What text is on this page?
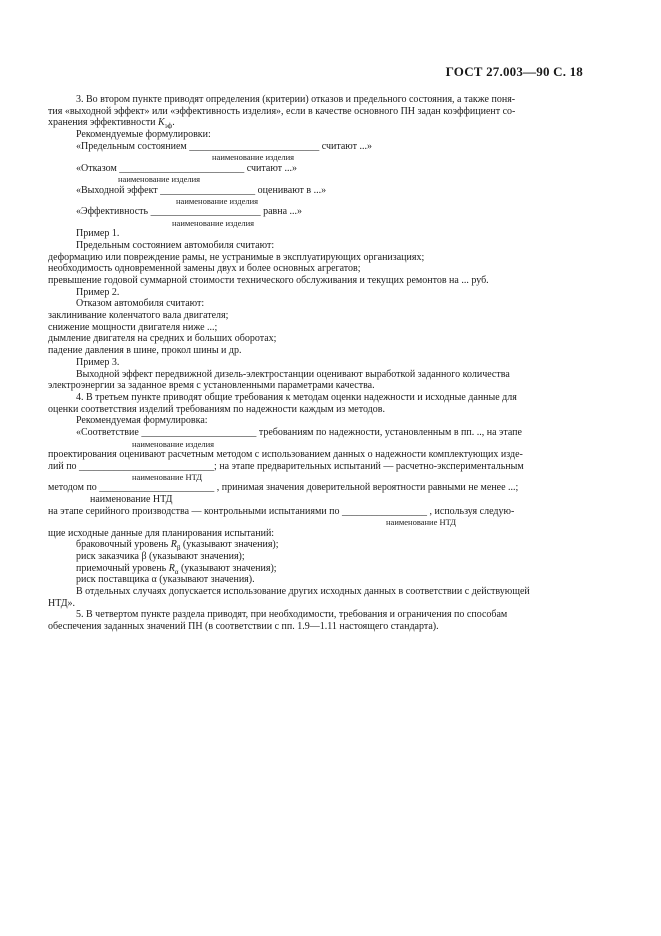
ГОСТ 27.003—90 С. 18
3. Во втором пункте приводят определения (критерии) отказов и предельного состояния, а также поня-
тия «выходной эффект» или «эффективность изделия», если в качестве основного ПН задан коэффициент со-
хранения эффективности $K_{эф}$.
Рекомендуемые формулировки:
«Предельным состоянием __________________________ считают ...»
наименование изделия
«Отказом _________________________ считают ...»
наименование изделия
«Выходной эффект ___________________ оценивают в ...»
наименование изделия
«Эффективность ______________________ равна ...»
наименование изделия
Пример 1.
Предельным состоянием автомобиля считают:
деформацию или повреждение рамы, не устранимые в эксплуатирующих организациях;
необходимость одновременной замены двух и более основных агрегатов;
превышение годовой суммарной стоимости технического обслуживания и текущих ремонтов на ... руб.
Пример 2.
Отказом автомобиля считают:
заклинивание коленчатого вала двигателя;
снижение мощности двигателя ниже ...;
дымление двигателя на средних и больших оборотах;
падение давления в шине, прокол шины и др.
Пример 3.
Выходной эффект передвижной дизель-электростанции оценивают выработкой заданного количества
электроэнергии за заданное время с установленными параметрами качества.
4. В третьем пункте приводят общие требования к методам оценки надежности и исходные данные для
оценки соответствия изделий требованиям по надежности каждым из методов.
Рекомендуемая формулировка:
«Соответствие _______________________ требованиям по надежности, установленным в пп. .., на этапе
наименование изделия
проектирования оценивают расчетным методом с использованием данных о надежности комплектующих изде-
лий по ___________________________; на этапе предварительных испытаний — расчетно-экспериментальным
наименование НТД
методом по _______________________ , принимая значения доверительной вероятности равными не менее ...;
наименование НТД
на этапе серийного производства — контрольными испытаниями по _________________ , используя следую-
наименование НТД
щие исходные данные для планирования испытаний:
браковочный уровень $R_\beta$ (указывают значения);
риск заказчика β (указывают значения);
приемочный уровень $R_\alpha$ (указывают значения);
риск поставщика α (указывают значения).
В отдельных случаях допускается использование других исходных данных в соответствии с действующей
НТД».
5. В четвертом пункте раздела приводят, при необходимости, требования и ограничения по способам
обеспечения заданных значений ПН (в соответствии с пп. 1.9—1.11 настоящего стандарта).
